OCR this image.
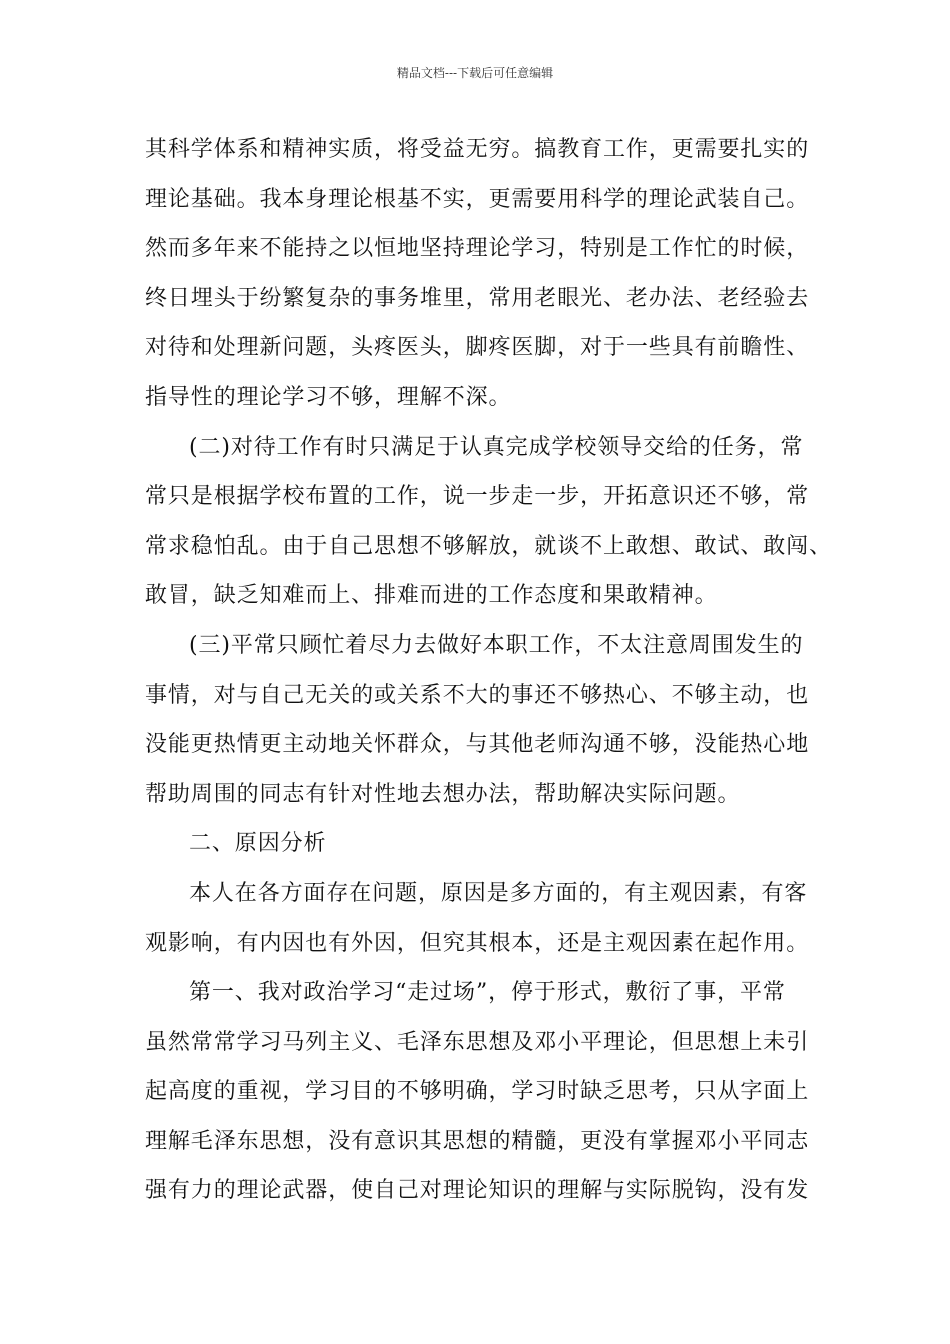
精品文档---下载后可任意编辑
其科学体系和精神实质，将受益无穷。搞教育工作，更需要扎实的
理论基础。我本身理论根基不实，更需要用科学的理论武装自己。
然而多年来不能持之以恒地坚持理论学习，特别是工作忙的时候，
终日埋头于纷繁复杂的事务堆里，常用老眼光、老办法、老经验去
对待和处理新问题，头疼医头，脚疼医脚，对于一些具有前瞻性、
指导性的理论学习不够，理解不深。
(二)对待工作有时只满足于认真完成学校领导交给的任务，常
常只是根据学校布置的工作，说一步走一步，开拓意识还不够，常
常求稳怕乱。由于自己思想不够解放，就谈不上敢想、敢试、敢闯、
敢冒，缺乏知难而上、排难而进的工作态度和果敢精神。
(三)平常只顾忙着尽力去做好本职工作，不太注意周围发生的
事情，对与自己无关的或关系不大的事还不够热心、不够主动，也
没能更热情更主动地关怀群众，与其他老师沟通不够，没能热心地
帮助周围的同志有针对性地去想办法，帮助解决实际问题。
二、原因分析
本人在各方面存在问题，原因是多方面的，有主观因素，有客
观影响，有内因也有外因，但究其根本，还是主观因素在起作用。
第一、我对政治学习“走过场”，停于形式，敷衍了事，平常
虽然常常学习马列主义、毛泽东思想及邓小平理论，但思想上未引
起高度的重视，学习目的不够明确，学习时缺乏思考，只从字面上
理解毛泽东思想，没有意识其思想的精髓，更没有掌握邓小平同志
强有力的理论武器，使自己对理论知识的理解与实际脱钩，没有发
